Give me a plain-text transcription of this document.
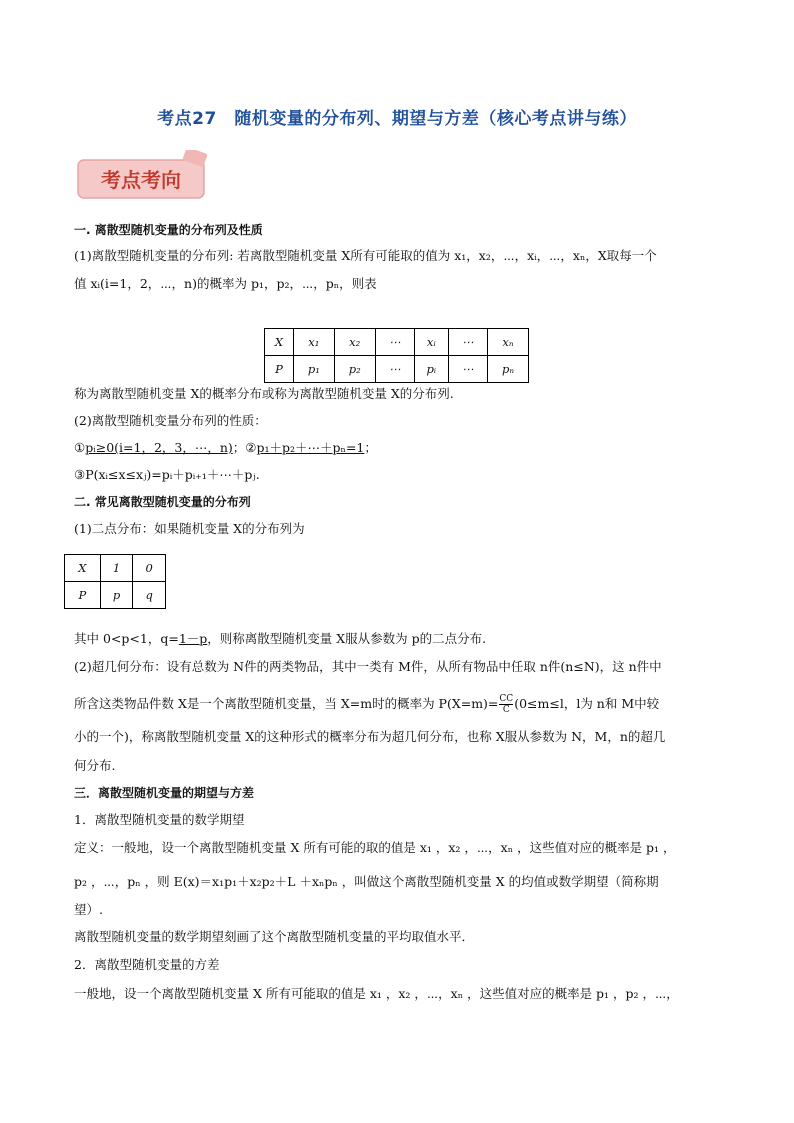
考点27　随机变量的分布列、期望与方差（核心考点讲与练）
考点考向
一. 离散型随机变量的分布列及性质
(1)离散型随机变量的分布列: 若离散型随机变量 X所有可能取的值为 x₁，x₂，⋯，xᵢ，⋯，xₙ，X取每一个
值 xᵢ(i=1，2，⋯，n)的概率为 p₁，p₂，⋯，pₙ，则表
X	x₁	x₂	⋯	xᵢ	⋯	xₙ
P	p₁	p₂	⋯	pᵢ	⋯	pₙ
称为离散型随机变量 X的概率分布或称为离散型随机变量 X的分布列.
(2)离散型随机变量分布列的性质：
①pᵢ≥0(i=1，2，3，⋯，n)；②p₁＋p₂＋⋯＋pₙ=1；
③P(xᵢ≤x≤xⱼ)=pᵢ＋pᵢ₊₁＋⋯＋pⱼ.
二. 常见离散型随机变量的分布列
(1)二点分布：如果随机变量 X的分布列为
X	1	0
P	p	q
其中 0<p<1，q=1－p，则称离散型随机变量 X服从参数为 p的二点分布.
(2)超几何分布：设有总数为 N件的两类物品，其中一类有 M件，从所有物品中任取 n件(n≤N)，这 n件中
所含这类物品件数 X是一个离散型随机变量，当 X=m时的概率为 $P(X=m)= \frac{CC}{C} (0\le m\le l$，l为 n和 M中较
小的一个)，称离散型随机变量 X的这种形式的概率分布为超几何分布，也称 X服从参数为 N，M，n的超几
何分布.
三．离散型随机变量的期望与方差
1．离散型随机变量的数学期望
定义：一般地，设一个离散型随机变量 X 所有可能的取的值是 x₁ ，x₂ ，⋯，xₙ ，这些值对应的概率是 p₁ ，
p₂ ，⋯，pₙ ，则 E(x)＝x₁p₁＋x₂p₂＋L ＋xₙpₙ ，叫做这个离散型随机变量 X 的均值或数学期望（简称期
望）.
离散型随机变量的数学期望刻画了这个离散型随机变量的平均取值水平．
2．离散型随机变量的方差
一般地，设一个离散型随机变量 X 所有可能取的值是 x₁ ，x₂ ，⋯，xₙ ，这些值对应的概率是 p₁ ，p₂ ，⋯，
